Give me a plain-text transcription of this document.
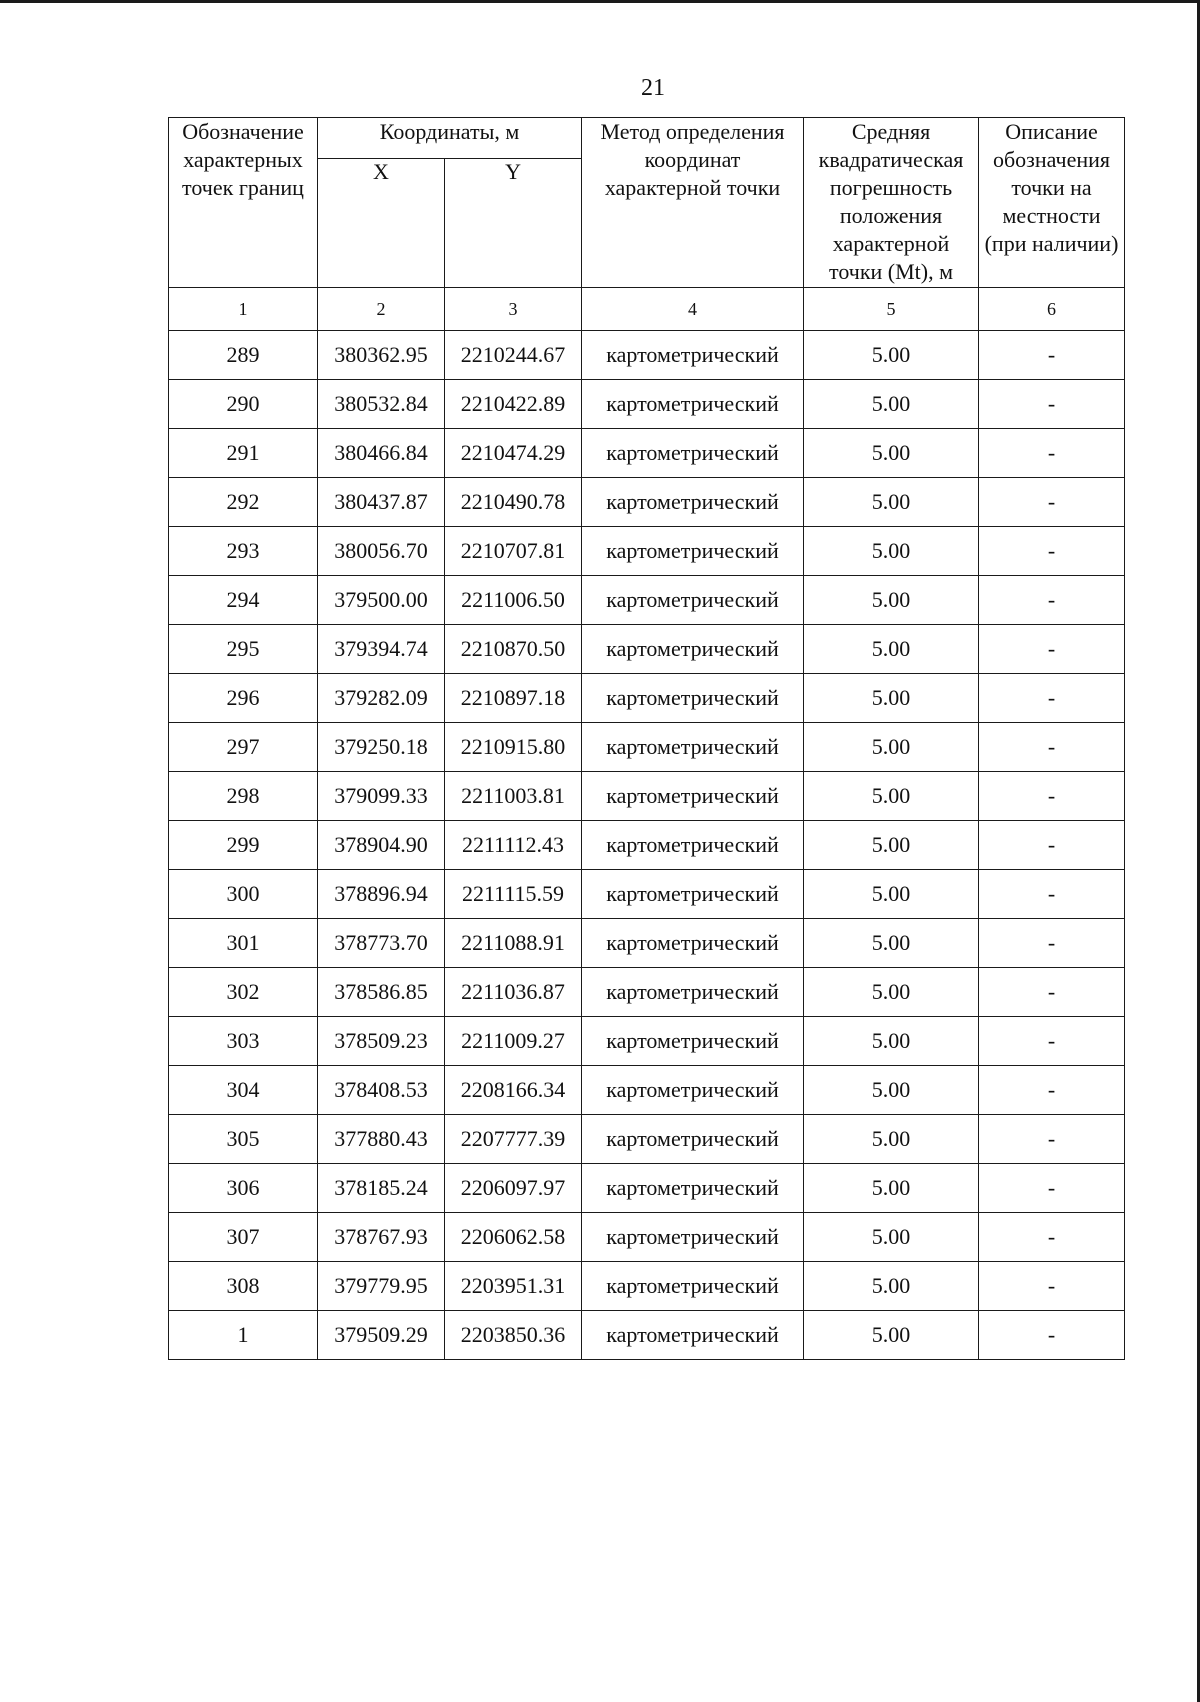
21
Обозначение характерных точек границ	Координаты, м		Метод определения координат характерной точки	Средняя квадратическая погрешность положения характерной точки (Mt), м	Описание обозначения точки на местности (при наличии)
	X	Y			
1	2	3	4	5	6
289	380362.95	2210244.67	картометрический	5.00	-
290	380532.84	2210422.89	картометрический	5.00	-
291	380466.84	2210474.29	картометрический	5.00	-
292	380437.87	2210490.78	картометрический	5.00	-
293	380056.70	2210707.81	картометрический	5.00	-
294	379500.00	2211006.50	картометрический	5.00	-
295	379394.74	2210870.50	картометрический	5.00	-
296	379282.09	2210897.18	картометрический	5.00	-
297	379250.18	2210915.80	картометрический	5.00	-
298	379099.33	2211003.81	картометрический	5.00	-
299	378904.90	2211112.43	картометрический	5.00	-
300	378896.94	2211115.59	картометрический	5.00	-
301	378773.70	2211088.91	картометрический	5.00	-
302	378586.85	2211036.87	картометрический	5.00	-
303	378509.23	2211009.27	картометрический	5.00	-
304	378408.53	2208166.34	картометрический	5.00	-
305	377880.43	2207777.39	картометрический	5.00	-
306	378185.24	2206097.97	картометрический	5.00	-
307	378767.93	2206062.58	картометрический	5.00	-
308	379779.95	2203951.31	картометрический	5.00	-
1	379509.29	2203850.36	картометрический	5.00	-
